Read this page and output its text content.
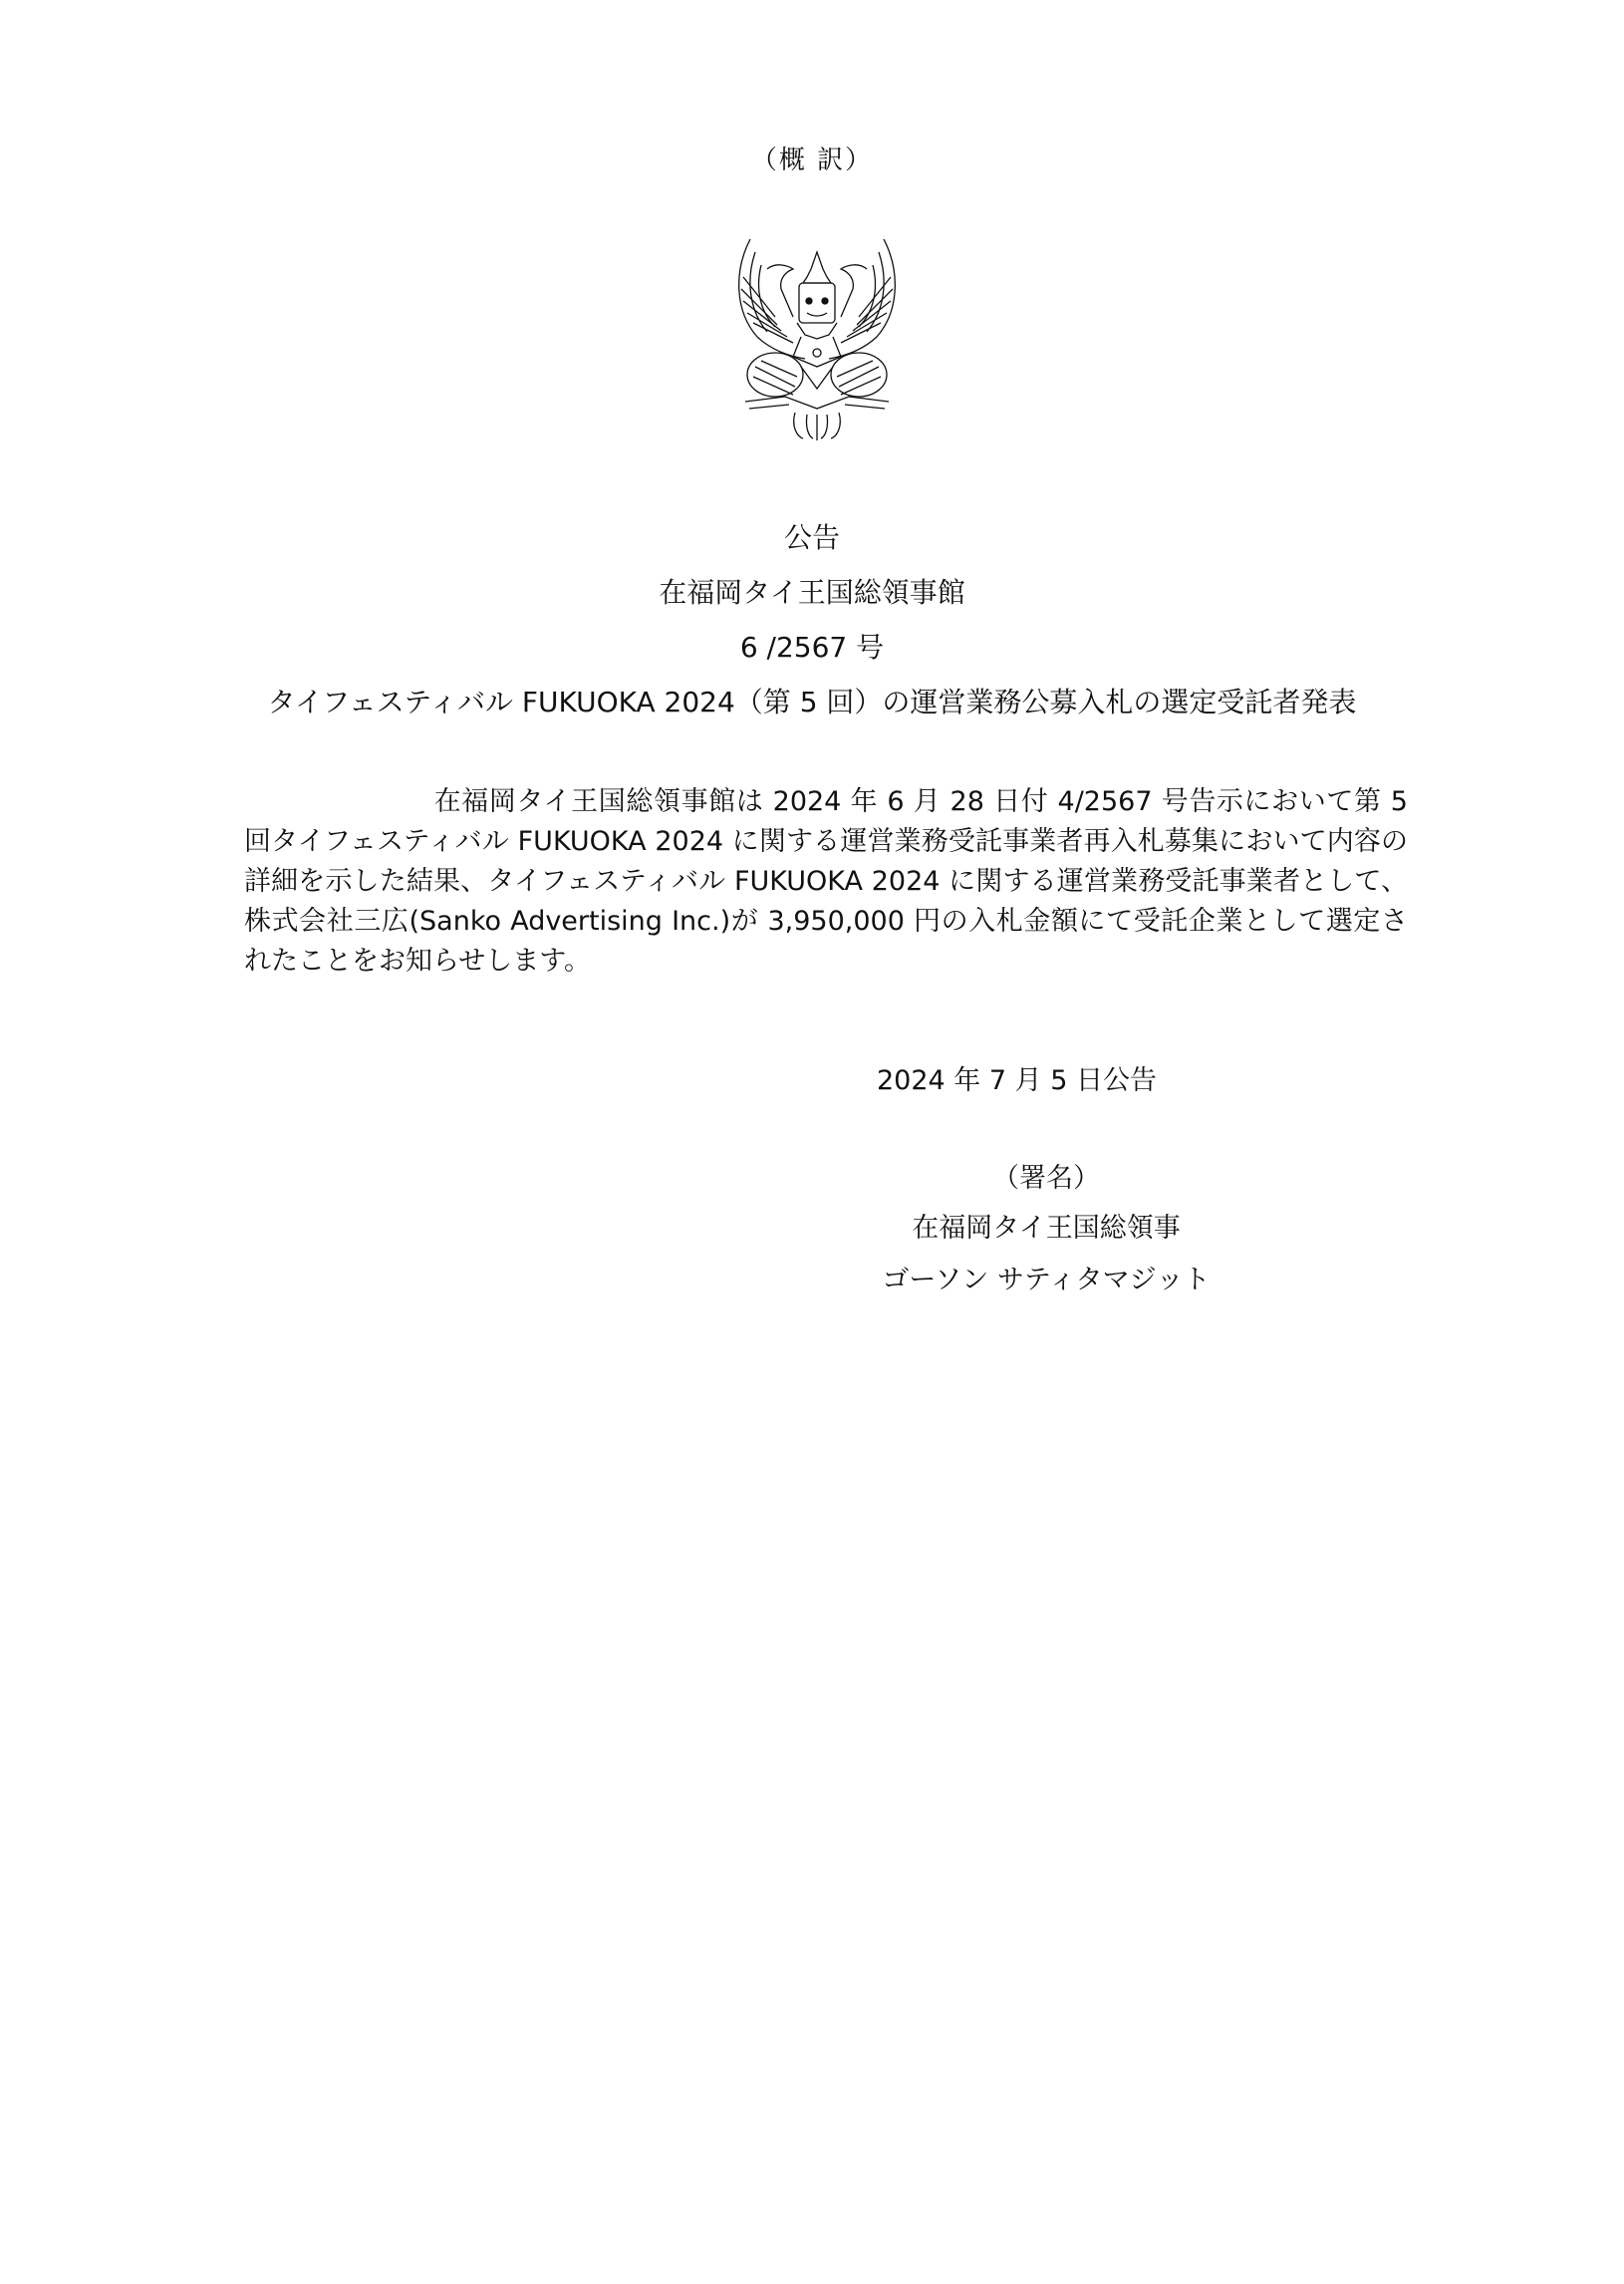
（概 訳）
公告
在福岡タイ王国総領事館
6 /2567 号
タイフェスティバル FUKUOKA 2024（第 5 回）の運営業務公募入札の選定受託者発表
在福岡タイ王国総領事館は 2024 年 6 月 28 日付 4/2567 号告示において第 5 回タイフェスティバル FUKUOKA 2024 に関する運営業務受託事業者再入札募集において内容の詳細を示した結果、タイフェスティバル FUKUOKA 2024 に関する運営業務受託事業者として、株式会社三広(Sanko Advertising Inc.)が 3,950,000 円の入札金額にて受託企業として選定されたことをお知らせします。
2024 年 7 月 5 日公告
（署名）
在福岡タイ王国総領事
ゴーソン サティタマジット
